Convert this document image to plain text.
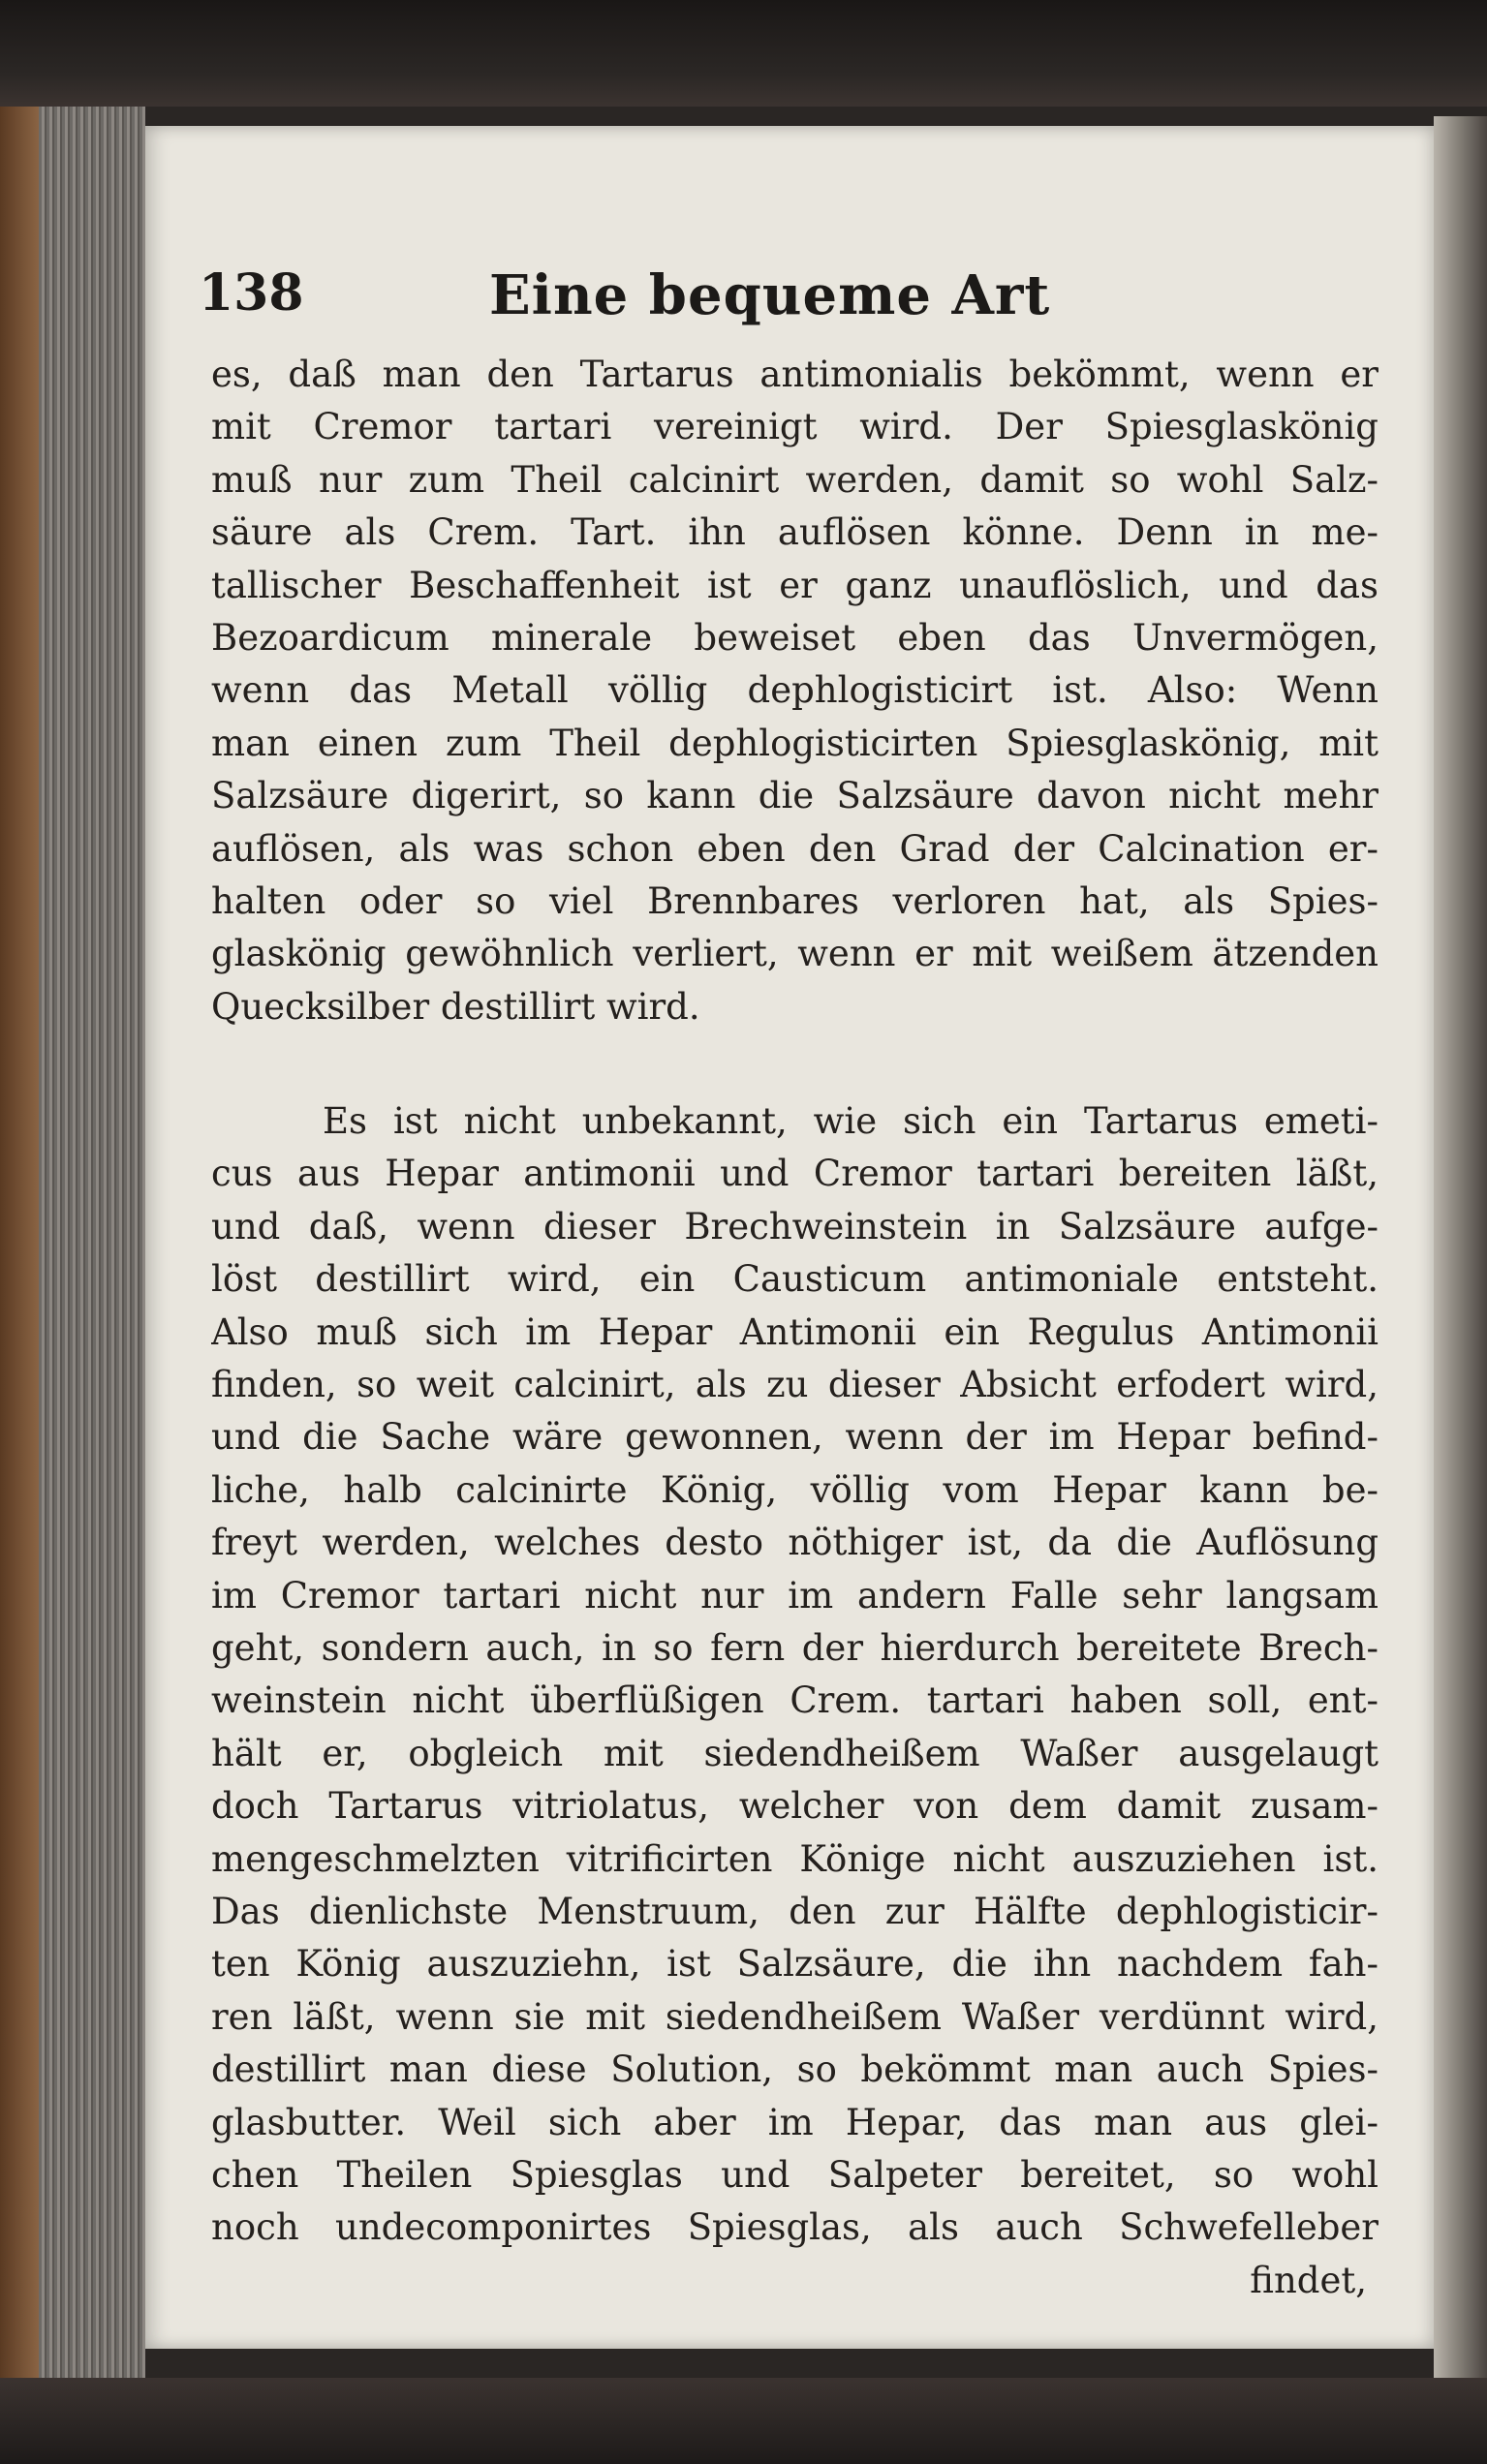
138	Eine bequeme Art
es, daß man den Tartarus antimonialis bekömmt, wenn er
mit Cremor tartari vereinigt wird. Der Spiesglaskönig
muß nur zum Theil calcinirt werden, damit so wohl Salz-
säure als Crem. Tart. ihn auflösen könne. Denn in me-
tallischer Beschaffenheit ist er ganz unauflöslich, und das
Bezoardicum minerale beweiset eben das Unvermögen,
wenn das Metall völlig dephlogisticirt ist. Also: Wenn
man einen zum Theil dephlogisticirten Spiesglaskönig, mit
Salzsäure digerirt, so kann die Salzsäure davon nicht mehr
auflösen, als was schon eben den Grad der Calcination er-
halten oder so viel Brennbares verloren hat, als Spies-
glaskönig gewöhnlich verliert, wenn er mit weißem ätzenden
Quecksilber destillirt wird.
Es ist nicht unbekannt, wie sich ein Tartarus emeti-
cus aus Hepar antimonii und Cremor tartari bereiten läßt,
und daß, wenn dieser Brechweinstein in Salzsäure aufge-
löst destillirt wird, ein Causticum antimoniale entsteht.
Also muß sich im Hepar Antimonii ein Regulus Antimonii
finden, so weit calcinirt, als zu dieser Absicht erfodert wird,
und die Sache wäre gewonnen, wenn der im Hepar befind-
liche, halb calcinirte König, völlig vom Hepar kann be-
freyt werden, welches desto nöthiger ist, da die Auflösung
im Cremor tartari nicht nur im andern Falle sehr langsam
geht, sondern auch, in so fern der hierdurch bereitete Brech-
weinstein nicht überflüßigen Crem. tartari haben soll, ent-
hält er, obgleich mit siedendheißem Waßer ausgelaugt
doch Tartarus vitriolatus, welcher von dem damit zusam-
mengeschmelzten vitrificirten Könige nicht auszuziehen ist.
Das dienlichste Menstruum, den zur Hälfte dephlogisticir-
ten König auszuziehn, ist Salzsäure, die ihn nachdem fah-
ren läßt, wenn sie mit siedendheißem Waßer verdünnt wird,
destillirt man diese Solution, so bekömmt man auch Spies-
glasbutter. Weil sich aber im Hepar, das man aus glei-
chen Theilen Spiesglas und Salpeter bereitet, so wohl
noch undecomponirtes Spiesglas, als auch Schwefelleber
findet,
